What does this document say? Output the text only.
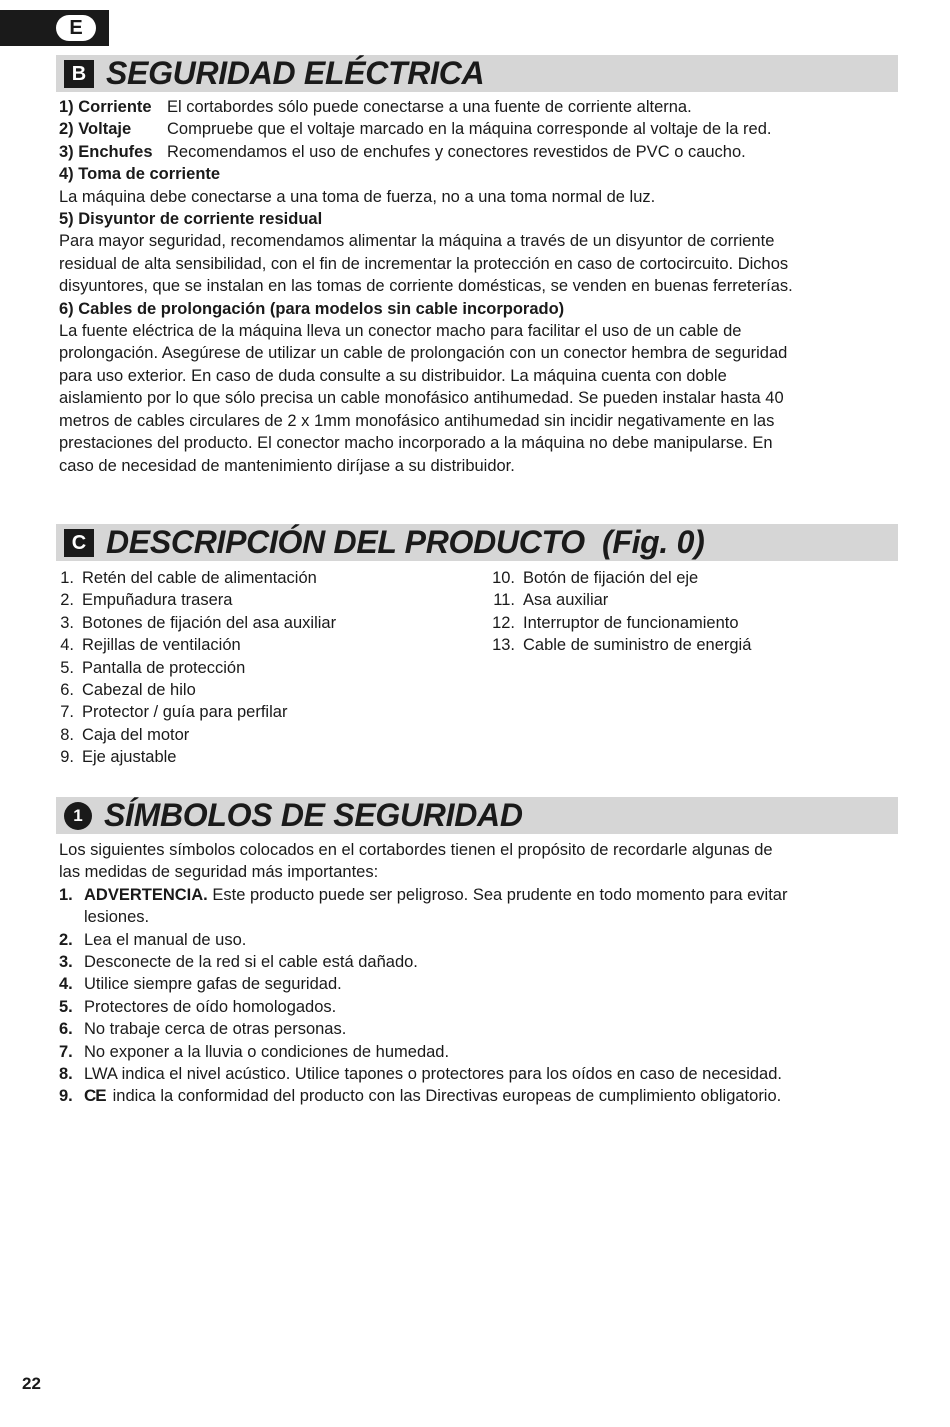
E
B SEGURIDAD ELÉCTRICA

1) Corriente El cortabordes sólo puede conectarse a una fuente de corriente alterna.

2) Voltaje Compruebe que el voltaje marcado en la máquina corresponde al voltaje de la red.

3) Enchufes Recomendamos el uso de enchufes y conectores revestidos de PVC o caucho.

4) Toma de corriente

La máquina debe conectarse a una toma de fuerza, no a una toma normal de luz.

5) Disyuntor de corriente residual

Para mayor seguridad, recomendamos alimentar la máquina a través de un disyuntor de corriente

residual de alta sensibilidad, con el fin de incrementar la protección en caso de cortocircuito. Dichos

disyuntores, que se instalan en las tomas de corriente domésticas, se venden en buenas ferreterías.

6) Cables de prolongación (para modelos sin cable incorporado)

La fuente eléctrica de la máquina lleva un conector macho para facilitar el uso de un cable de

prolongación. Asegúrese de utilizar un cable de prolongación con un conector hembra de seguridad

para uso exterior. En caso de duda consulte a su distribuidor. La máquina cuenta con doble

aislamiento por lo que sólo precisa un cable monofásico antihumedad. Se pueden instalar hasta 40

metros de cables circulares de 2 x 1mm monofásico antihumedad sin incidir negativamente en las

prestaciones del producto. El conector macho incorporado a la máquina no debe manipularse. En

caso de necesidad de mantenimiento diríjase a su distribuidor.

C DESCRIPCIÓN DEL PRODUCTO  (Fig. 0)
1. Retén del cable de alimentación
2. Empuñadura trasera
3. Botones de fijación del asa auxiliar
4. Rejillas de ventilación
5. Pantalla de protección
6. Cabezal de hilo
7. Protector / guía para perfilar
8. Caja del motor
9. Eje ajustable
10. Botón de fijación del eje
11. Asa auxiliar
12. Interruptor de funcionamiento
13. Cable de suministro de energiá
1 SÍMBOLOS DE SEGURIDAD

Los siguientes símbolos colocados en el cortabordes tienen el propósito de recordarle algunas de

las medidas de seguridad más importantes:

1. ADVERTENCIA. Este producto puede ser peligroso. Sea prudente en todo momento para evitar
lesiones.
2. Lea el manual de uso.
3. Desconecte de la red si el cable está dañado.
4. Utilice siempre gafas de seguridad.
5. Protectores de oído homologados.
6. No trabaje cerca de otras personas.
7. No exponer a la lluvia o condiciones de humedad.
8. LWA indica el nivel acústico. Utilice tapones o protectores para los oídos en caso de necesidad.
9. CE indica la conformidad del producto con las Directivas europeas de cumplimiento obligatorio.
22
